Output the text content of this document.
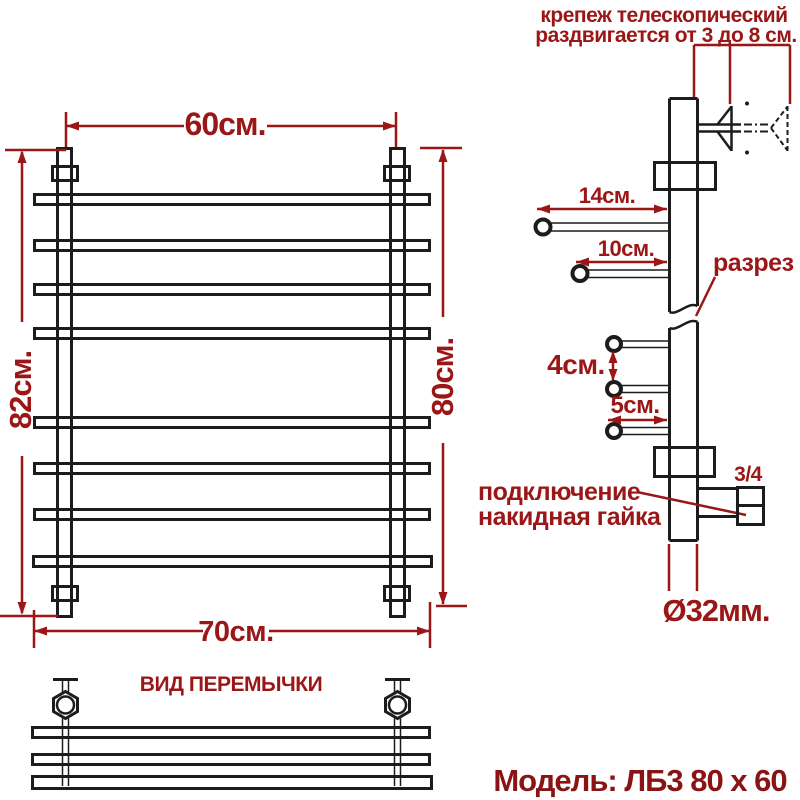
60см.
82см.	80см.
70см.
крепеж телескопический
раздвигается от 3 до 8 см.
14см.
10см.
разрез
4см.
5см.
подключение
накидная гайка
3/4
Ø32мм.
ВИД ПЕРЕМЫЧКИ
Модель: ЛБ3 80 х 60
